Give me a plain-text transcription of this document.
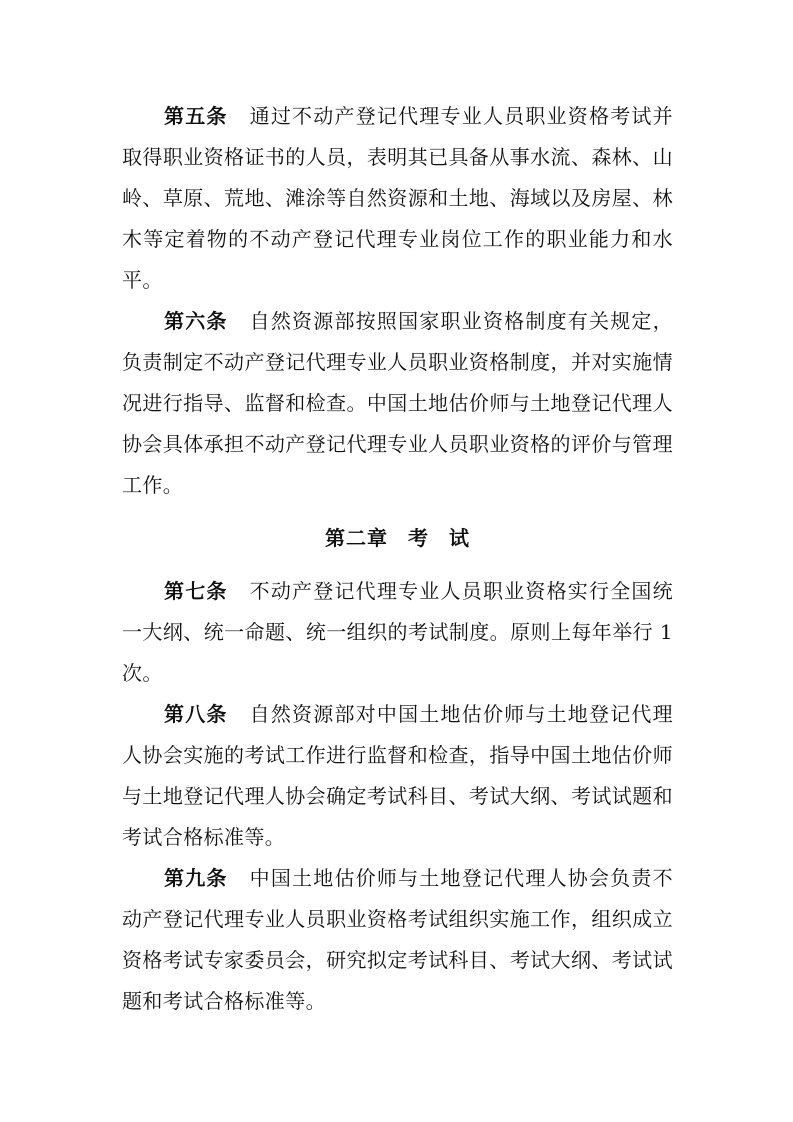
第五条 通过不动产登记代理专业人员职业资格考试并取得职业资格证书的人员，表明其已具备从事水流、森林、山岭、草原、荒地、滩涂等自然资源和土地、海域以及房屋、林木等定着物的不动产登记代理专业岗位工作的职业能力和水平。

第六条 自然资源部按照国家职业资格制度有关规定，负责制定不动产登记代理专业人员职业资格制度，并对实施情况进行指导、监督和检查。中国土地估价师与土地登记代理人协会具体承担不动产登记代理专业人员职业资格的评价与管理工作。

第二章 考 试

第七条 不动产登记代理专业人员职业资格实行全国统一大纲、统一命题、统一组织的考试制度。原则上每年举行 1 次。

第八条 自然资源部对中国土地估价师与土地登记代理人协会实施的考试工作进行监督和检查，指导中国土地估价师与土地登记代理人协会确定考试科目、考试大纲、考试试题和考试合格标准等。

第九条 中国土地估价师与土地登记代理人协会负责不动产登记代理专业人员职业资格考试组织实施工作，组织成立资格考试专家委员会，研究拟定考试科目、考试大纲、考试试题和考试合格标准等。
